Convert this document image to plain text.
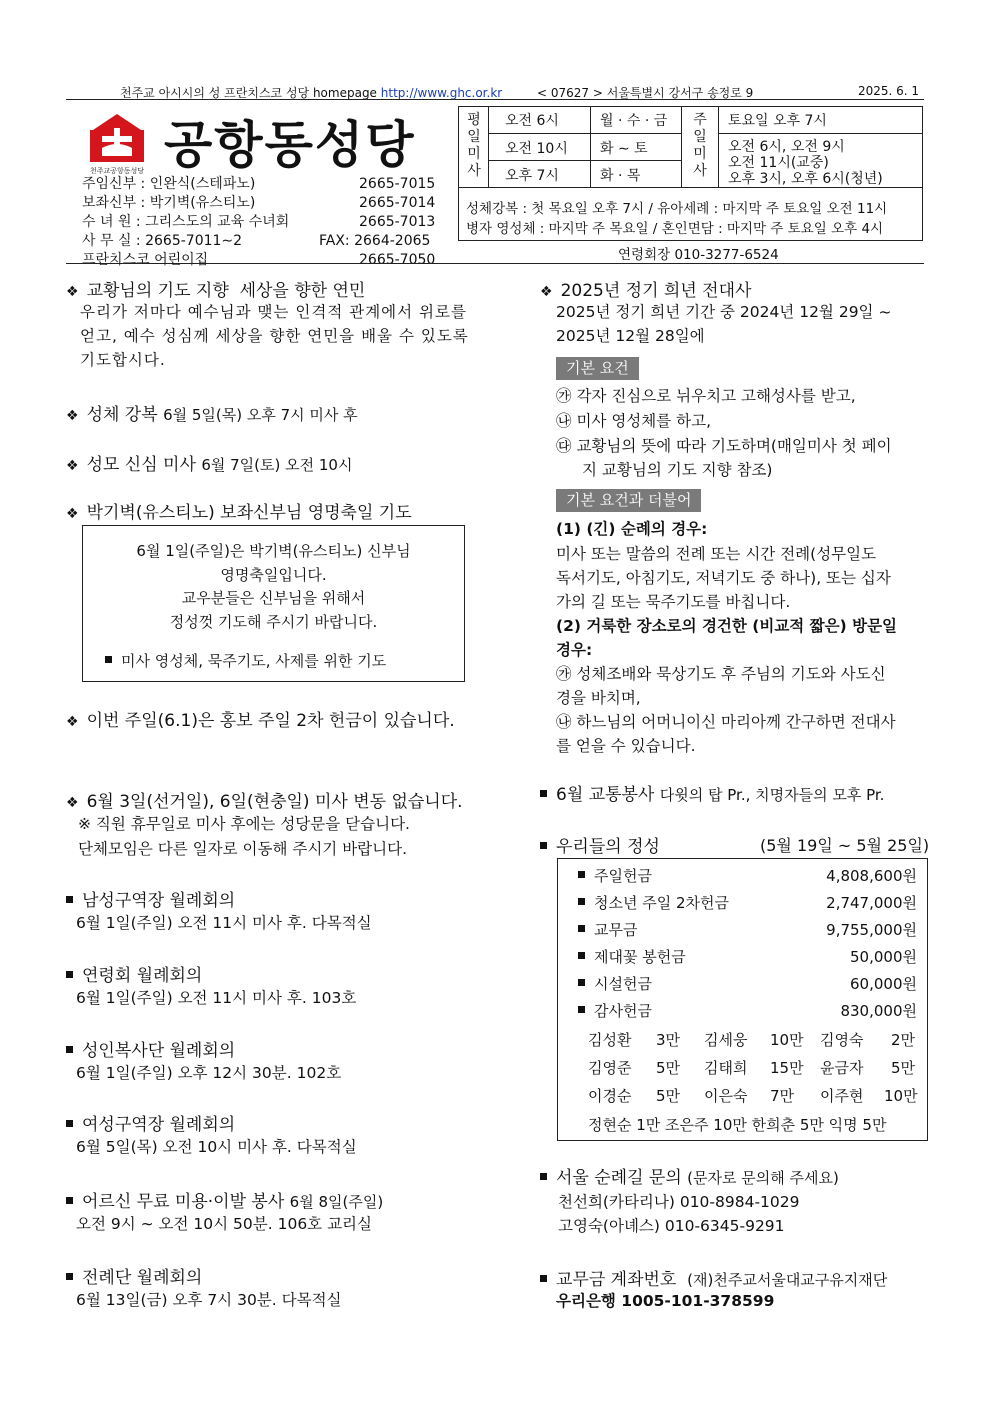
천주교 아시시의 성 프란치스코 성당 homepage http://www.ghc.or.kr	< 07627 > 서울특별시 강서구 송정로 9	2025. 6. 1
천주교공항동성당 공항동성당
주임신부 : 인완식(스테파노)	2665-7015
보좌신부 : 박기벽(유스티노)	2665-7014
수 녀 원 : 그리스도의 교육 수녀회	2665-7013
사 무 실 : 2665-7011∼2	FAX: 2664-2065
프란치스코 어린이집	2665-7050
평일미사
오전 6시	월 · 수 · 금
오전 10시 화 ∼ 토
오후 7시	화 · 목
주일미사
토요일 오후 7시
오전 6시, 오전 9시
오전 11시(교중)
오후 3시, 오후 6시(청년)
성체강복 : 첫 목요일 오후 7시 / 유아세례 : 마지막 주 토요일 오전 11시
병자 영성체 : 마지막 주 목요일 / 혼인면담 : 마지막 주 토요일 오후 4시
연령회장 010-3277-6524
❖ 교황님의 기도 지향 세상을 향한 연민
우리가 저마다 예수님과 맺는 인격적 관계에서 위로를 얻고, 예수 성심께 세상을 향한 연민을 배울 수 있도록 기도합시다.
❖ 성체 강복 6월 5일(목) 오후 7시 미사 후
❖ 성모 신심 미사 6월 7일(토) 오전 10시
❖ 박기벽(유스티노) 보좌신부님 영명축일 기도
6월 1일(주일)은 박기벽(유스티노) 신부님
영명축일입니다.
교우분들은 신부님을 위해서
정성껏 기도해 주시기 바랍니다.
미사 영성체, 묵주기도, 사제를 위한 기도
❖ 이번 주일(6.1)은 홍보 주일 2차 헌금이 있습니다.
❖ 6월 3일(선거일), 6일(현충일) 미사 변동 없습니다.
※ 직원 휴무일로 미사 후에는 성당문을 닫습니다.
단체모임은 다른 일자로 이동해 주시기 바랍니다.
남성구역장 월례회의
6월 1일(주일) 오전 11시 미사 후. 다목적실
연령회 월례회의
6월 1일(주일) 오전 11시 미사 후. 103호
성인복사단 월례회의
6월 1일(주일) 오후 12시 30분. 102호
여성구역장 월례회의
6월 5일(목) 오전 10시 미사 후. 다목적실
어르신 무료 미용·이발 봉사 6월 8일(주일)
오전 9시 ∼ 오전 10시 50분. 106호 교리실
전례단 월례회의
6월 13일(금) 오후 7시 30분. 다목적실
❖ 2025년 정기 희년 전대사
2025년 정기 희년 기간 중 2024년 12월 29일 ~
2025년 12월 28일에
기본 요건
㉮ 각자 진심으로 뉘우치고 고해성사를 받고,
㉯ 미사 영성체를 하고,
㉰ 교황님의 뜻에 따라 기도하며(매일미사 첫 페이
지 교황님의 기도 지향 참조)
기본 요건과 더불어
(1) (긴) 순례의 경우:
미사 또는 말씀의 전례 또는 시간 전례(성무일도
독서기도, 아침기도, 저녁기도 중 하나), 또는 십자
가의 길 또는 묵주기도를 바칩니다.
(2) 거룩한 장소로의 경건한 (비교적 짧은) 방문일
경우:
㉮ 성체조배와 묵상기도 후 주님의 기도와 사도신
경을 바치며,
㉯ 하느님의 어머니이신 마리아께 간구하면 전대사
를 얻을 수 있습니다.
6월 교통봉사 다윗의 탑 Pr., 치명자들의 모후 Pr.
우리들의 정성	(5월 19일 ~ 5월 25일)
주일헌금	4,808,600원
청소년 주일 2차헌금	2,747,000원
교무금	9,755,000원
제대꽃 봉헌금	50,000원
시설헌금	60,000원
감사헌금	830,000원
김성환 3만 김세웅 10만 김영숙 2만
김영준 5만 김태희 15만 윤금자 5만
이경순 5만 이은숙 7만 이주현 10만
정현순 1만 조은주 10만 한희춘 5만 익명 5만
서울 순례길 문의 (문자로 문의해 주세요)
천선희(카타리나) 010-8984-1029
고영숙(아녜스) 010-6345-9291
교무금 계좌번호 (재)천주교서울대교구유지재단
우리은행 1005-101-378599
